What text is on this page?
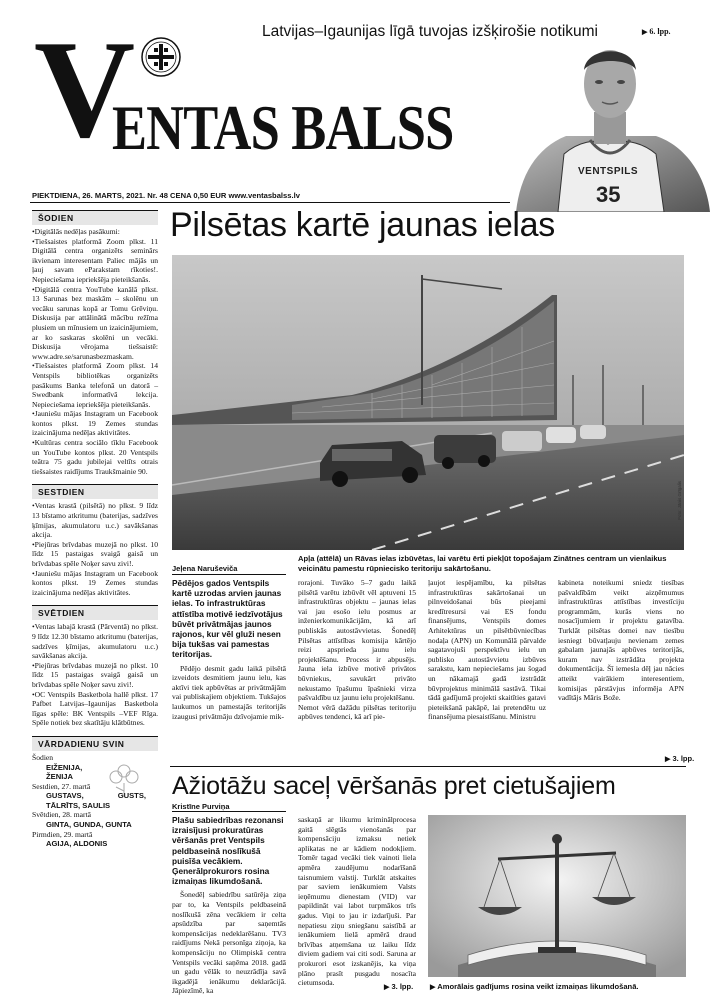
Latvijas–Igaunijas līgā tuvojas izšķirošie notikumi	▶ 6. lpp.
V
ENTAS BALSS
VENTSPILS
35
PIEKTDIENA, 26. MARTS, 2021. Nr. 48 CENA 0,50 EUR www.ventasbalss.lv
ŠODIEN

•Digitālās nedēļas pasākumi:

•Tiešsaistes platformā Zoom plkst. 11 Digitālā centra organizēts seminārs ikvienam interesentam Paliec mājās un ļauj savam eParakstam rīkoties!. Nepieciešama iepriekšēja pieteikšanās.

•Digitālā centra YouTube kanālā plkst. 13 Sarunas bez maskām – skolēnu un vecāku sarunas kopā ar Tomu Grēviņu. Diskusija par attālinātā mācību režīma plusiem un mīnusiem un izaicinājumiem, ar ko saskaras skolēni un vecāki. Diskusija vērojama tiešsaistē: www.adre.se/sarunasbezmaskam.

•Tiešsaistes platformā Zoom plkst. 14 Ventspils bibliotēkas organizēts pasākums Banka telefonā un datorā – Swedbank informatīvā lekcija. Nepieciešama iepriekšēja pieteikšanās.

•Jauniešu mājas Instagram un Facebook kontos plkst. 19 Zemes stundas izaicinājuma nedēļas aktivitātes.

•Kultūras centra sociālo tīklu Facebook un YouTube kontos plkst. 20 Ventspils teātra 75 gadu jubilejai veltīts otrais tiešsaistes raidījums Traukšmainie 90.

SESTDIEN

•Ventas krastā (pilsētā) no plkst. 9 līdz 13 bīstamo atkritumu (baterijas, sadzīves ķīmijas, akumulatoru u.c.) savākšanas akcija.

•Piejūras brīvdabas muzejā no plkst. 10 līdz 15 pastaigas svaigā gaisā un brīvdabas spēle Noķer savu zivi!.

•Jauniešu mājas Instagram un Facebook kontos plkst. 19 Zemes stundas izaicinājuma nedēļas aktivitātes.

SVĒTDIEN

•Ventas labajā krastā (Pārventā) no plkst. 9 līdz 12.30 bīstamo atkritumu (baterijas, sadzīves ķīmijas, akumulatoru u.c.) savākšanas akcija.

•Piejūras brīvdabas muzejā no plkst. 10 līdz 15 pastaigas svaigā gaisā un brīvdabas spēle Noķer savu zivi!.

•OC Ventspils Basketbola hallē plkst. 17 Pafbet Latvijas–Igaunijas Basketbola līgas spēle: BK Ventspils –VEF Rīga. Spēle notiek bez skatītāju klātbūtnes.

VĀRDADIENU SVIN
Šodien
EIŽENIJA, ŽENIJA
Sestdien, 27. martā
GUSTAVS, GUSTS, TĀLRĪTS, SAULIS
Svētdien, 28. martā
GINTA, GUNDA, GUNTA
Pirmdien, 29. martā
AGIJA, ALDONIS
Pilsētas kartē jaunas ielas
Foto: Jānis Grīgalis
Apļa (attēlā) un Rāvas ielas izbūvētas, lai varētu ērti piekļūt topošajam Zinātnes centram un vienlaikus veicinātu pamestu rūpnieciskо teritoriju sakārtošanu.
Jeļena Naruševiča
Pēdējos gados Ventspils kartē uzrodas arvien jaunas ielas. To infrastruktūras attīstība motivē iedzīvotājus būvēt privātmājas jaunos rajonos, kur vēl gluži nesen bija tukšas vai pamestas teritorijas.

Pēdējo desmit gadu laikā pilsētā izveidots desmitiem jaunu ielu, kas aktīvi tiek apbūvētas ar privātmājām vai publiskajiem objektiem. Tukšajos laukumos un pamestajās teritorijās izaugusi privātmāju dzīvojamie mik-

rorajoni. Tuvāko 5–7 gadu laikā pilsētā varētu izbūvēt vēl aptuveni 15 infrastruktūras objektu – jaunas ielas vai jau esošo ielu posmus ar inženierkomunikācijām, kā arī publiskās autostāvvietas. Šonedēļ Pilsētas attīstības komisija kārtējo reizi apsprieda jaunu ielu projektēšanu. Process ir abpusējs. Jauna iela izbūve motivē privātos būvniekus, savukārt privāto nekustamo īpašumu īpašnieki virza pašvaldību uz jaunu ielu projektēšanu.
Nemot vērā dažādu pilsētas teritoriju apbūves tendenci, kā arī pie-

ļaujot iespējamību, ka pilsētas infrastruktūras sakārtošanai un pilnveidošanai būs pieejami kredītresursi vai ES fondu finansējums, Ventspils domes Arhitektūras un pilsētbūvniecības nodaļa (APN) un Komunālā pārvalde sagatavojuši perspektīvu ielu un publisko autostāvvietu izbūves sarakstu, kam nepieciešams jau šogad un nākamajā gadā izstrādāt būvprojektus minimālā sastāvā. Tikai tādā gadījumā projekti skaitīties gatavi pieteikšanā pakāpē, lai pretendētu uz finansējuma piesaistīšanu. Ministru

kabineta noteikumi sniedz tiesības pašvaldībām veikt aizņēmumus infrastruktūras attīstības investīciju programmām, kurās viens no nosacījumiem ir projektu gatavība. Turklāt pilsētas domei nav tiesību iesniegt būvatļauju nevienam zemes gabalam jaunajās apbūves teritorijās, kuram nav izstrādāta projekta dokumentācija. Šī iemesla dēļ jau nācies atteikt vairākiem interesentiem, komisijas pārstāvjus informēja APN vadītājs Māris Bože.

▶ 3. lpp.
Ažiotāžu saceļ vēršanās pret cietušajiem
Kristīne Purviņa
Plašu sabiedrības rezonansi izraisījusi prokuratūras vēršanās pret Ventspils peldbaseinā noslīkušā puisīša vecākiem. Ģenerālprokurors rosina izmaiņas likumdošanā.

Šonedēļ sabiedrību satūrēja ziņa par to, ka Ventspils peldbaseinā noslīkušā zēna vecākiem ir celta apsūdzība par saņemtās kompensācijas nedeklarēšanu. TV3 raidījums Nekā personīga ziņoja, ka kompensāciju no Olimpiskā centra Ventspils vecāki saņēma 2018. gadā un gadu vēlāk to neuzrādīja savā ikgadējā ienākumu deklarācijā. Jāpiezīmē, ka

saskaņā ar likumu kriminālprocesa gaitā slēgtās vienošanās par kompensāciju izmaksu netiek aplikatas ne ar kādiem nodokļiem. Tomēr tagad vecāki tiek vainoti liela apmēra zaudējumu nodarīšanā taisnumiem valstij. Turklāt atskaites par saviem ienākumiem Valsts ieņēmumu dienestam (VID) var papildināt vai labot turpmākos trīs gadus. Viņi to jau ir izdarījuši. Par nepatiesu ziņu sniegšanu saistībā ar ienākumiem lielā apmērā draud brīvības atņemšana uz laiku līdz diviem gadiem vai citi sodi. Saruna ar prokurori esot izskanējis, ka viņa plāno prasīt pusgadu nosacīta cietumsoda.

▶ 3. lpp. ▶ Amorālais gadījums rosina veikt izmaiņas likumdošanā.
